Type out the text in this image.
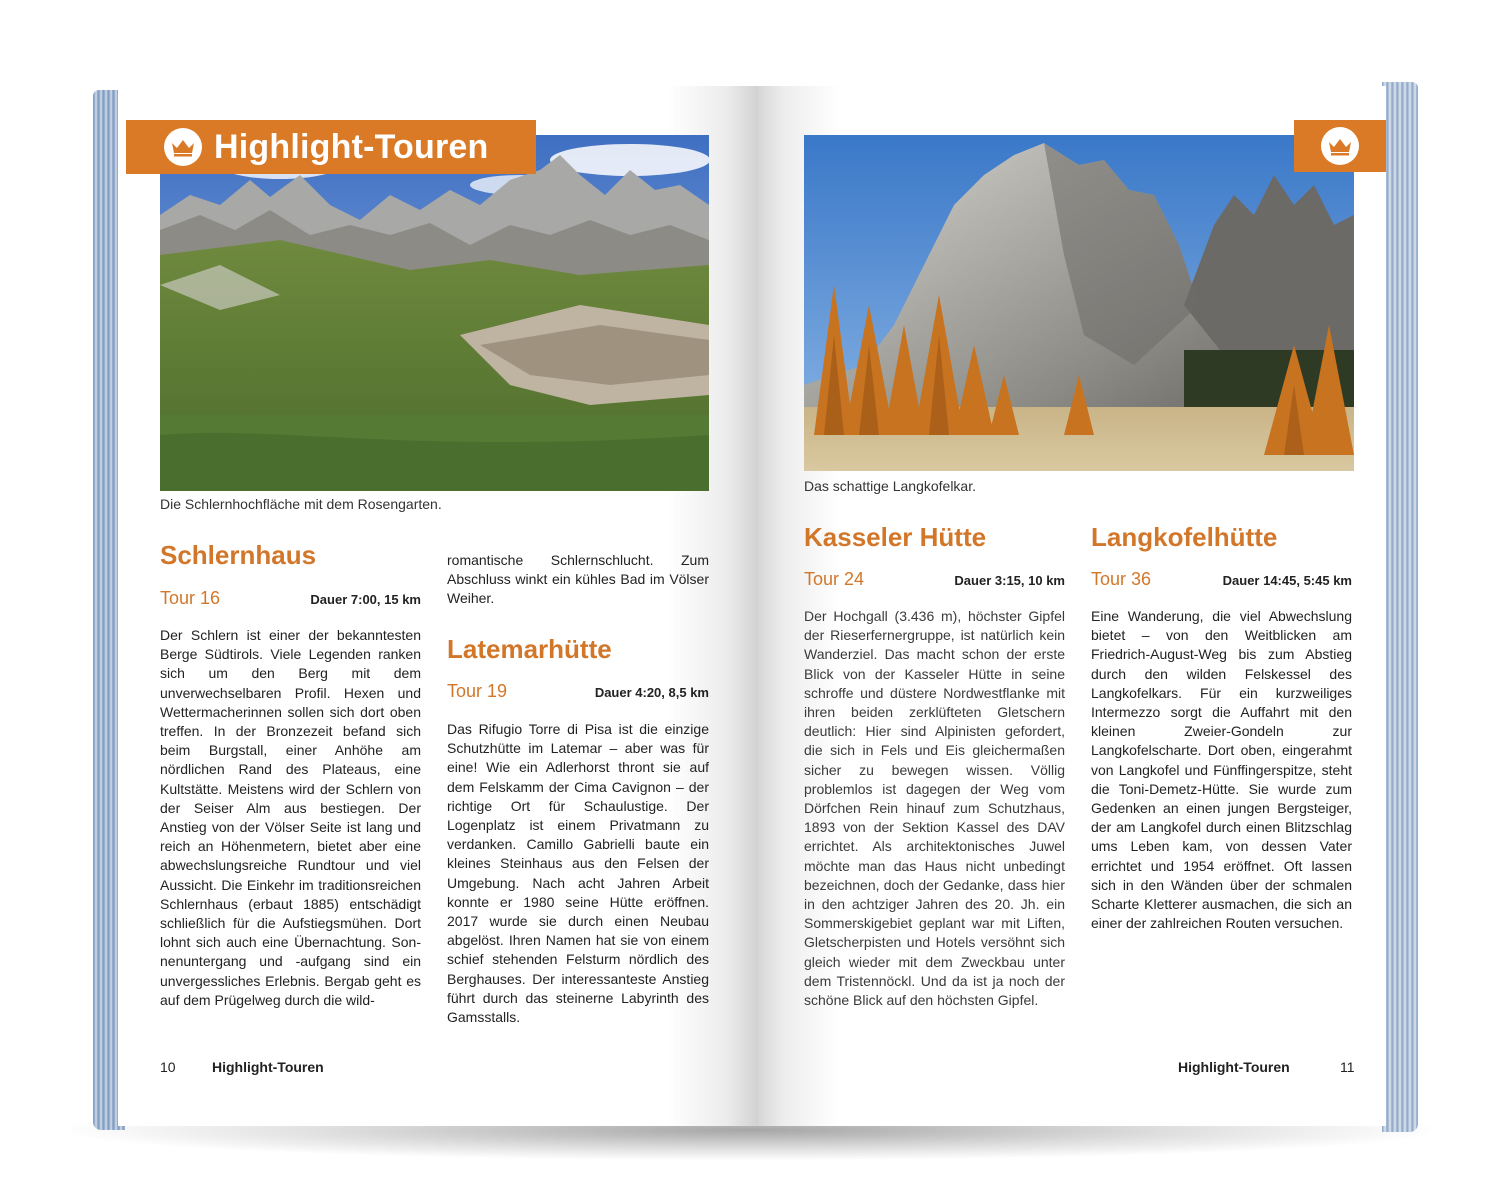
Highlight-Touren
Die Schlernhochfläche mit dem Rosengarten.
Schlernhaus
Tour 16	Dauer 7:00, 15 km
Der Schlern ist einer der bekanntesten Berge Südtirols. Viele Legenden ranken sich um den Berg mit dem unverwechselbaren Profil. Hexen und Wettermacherinnen sollen sich dort oben treffen. In der Bronzezeit befand sich beim Burgstall, einer Anhöhe am nördlichen Rand des Plateaus, eine Kultstätte. Meistens wird der Schlern von der Seiser Alm aus bestiegen. Der Anstieg von der Völser Seite ist lang und reich an Höhenmetern, bietet aber eine abwechslungsreiche Rundtour und viel Aussicht. Die Einkehr im traditionsreichen Schlernhaus (erbaut 1885) entschädigt schließlich für die Aufstiegsmühen. Dort lohnt sich auch eine Übernachtung. Sonnenuntergang und -aufgang sind ein unvergessliches Erlebnis. Bergab geht es auf dem Prügelweg durch die wild-
romantische Schlernschlucht. Zum Abschluss winkt ein kühles Bad im Völser Weiher.
Latemarhütte
Tour 19	Dauer 4:20, 8,5 km
Das Rifugio Torre di Pisa ist die einzige Schutzhütte im Latemar – aber was für eine! Wie ein Adlerhorst thront sie auf dem Felskamm der Cima Cavignon – der richtige Ort für Schaulustige. Der Logenplatz ist einem Privatmann zu verdanken. Camillo Gabrielli baute ein kleines Steinhaus aus den Felsen der Umgebung. Nach acht Jahren Arbeit konnte er 1980 seine Hütte eröffnen. 2017 wurde sie durch einen Neubau abgelöst. Ihren Namen hat sie von einem schief stehenden Felsturm nördlich des Berghauses. Der interessanteste Anstieg führt durch das steinerne Labyrinth des Gamsstalls.
10	Highlight-Touren
Das schattige Langkofelkar.
Kasseler Hütte
Tour 24	Dauer 3:15, 10 km
Der Hochgall (3.436 m), höchster Gipfel der Rieserfernergruppe, ist natürlich kein Wanderziel. Das macht schon der erste Blick von der Kasseler Hütte in seine schroffe und düstere Nordwestflanke mit ihren beiden zerklüfteten Gletschern deutlich: Hier sind Alpinisten gefordert, die sich in Fels und Eis gleichermaßen sicher zu bewegen wissen. Völlig problemlos ist dagegen der Weg vom Dörfchen Rein hinauf zum Schutzhaus, 1893 von der Sektion Kassel des DAV errichtet. Als architektonisches Juwel möchte man das Haus nicht unbedingt bezeichnen, doch der Gedanke, dass hier in den achtziger Jahren des 20. Jh. ein Sommerskigebiet geplant war mit Liften, Gletscherpisten und Hotels versöhnt sich gleich wieder mit dem Zweckbau unter dem Tristennöckl. Und da ist ja noch der schöne Blick auf den höchsten Gipfel.
Langkofelhütte
Tour 36	Dauer 14:45, 5:45 km
Eine Wanderung, die viel Abwechslung bietet – von den Weitblicken am Friedrich-August-Weg bis zum Abstieg durch den wilden Felskessel des Langkofelkars. Für ein kurzweiliges Intermezzo sorgt die Auffahrt mit den kleinen Zweier-Gondeln zur Langkofelscharte. Dort oben, eingerahmt von Langkofel und Fünffingerspitze, steht die Toni-Demetz-Hütte. Sie wurde zum Gedenken an einen jungen Bergsteiger, der am Langkofel durch einen Blitzschlag ums Leben kam, von dessen Vater errichtet und 1954 eröffnet. Oft lassen sich in den Wänden über der schmalen Scharte Kletterer ausmachen, die sich an einer der zahlreichen Routen versuchen.
Highlight-Touren	11
